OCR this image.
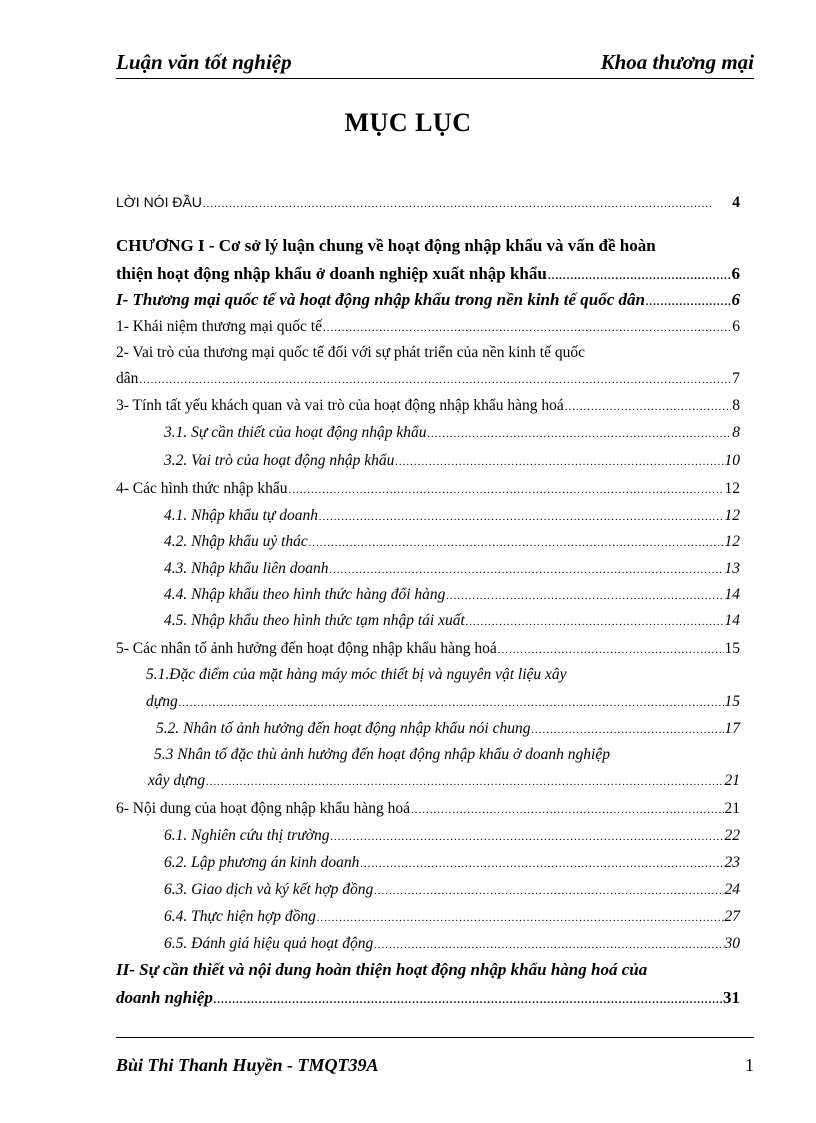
Luận văn tốt nghiệp	Khoa thương mại
MỤC LỤC
LỜI NÓI ĐẦU .....	4
CHƯƠNG I - Cơ sở lý luận chung về hoạt động nhập khẩu và vấn đề hoàn
thiện hoạt động nhập khẩu ở doanh nghiệp xuất nhập khẩu .....	6
I- Thương mại quốc tế và hoạt động nhập khẩu trong nền kinh tế quốc dân .....	6
1- Khái niệm thương mại quốc tế .....	6
2- Vai trò của thương mại quốc tế đối với sự phát triển của nền kinh tế quốc
dân .....	7
3- Tính tất yếu khách quan và vai trò của hoạt động nhập khẩu hàng hoá .....	8
3.1. Sự cần thiết của hoạt động nhập khẩu .....	8
3.2. Vai trò của hoạt động nhập khẩu .....	10
4- Các hình thức nhập khẩu .....	12
4.1. Nhập khẩu tự doanh .....	12
4.2. Nhập khẩu uỷ thác .....	12
4.3. Nhập khẩu liên doanh .....	13
4.4. Nhập khẩu theo hình thức hàng đổi hàng .....	14
4.5. Nhập khẩu theo hình thức tạm nhập tái xuất .....	14
5- Các nhân tố ảnh hưởng đến hoạt động nhập khẩu hàng hoá .....	15
5.1.Đặc điểm của mặt hàng máy móc thiết bị và nguyên vật liệu xây
dựng .....	15
5.2. Nhân tố ảnh hưởng đến hoạt động nhập khẩu nói chung .....	17
5.3 Nhân tố đặc thù ảnh hưởng đến hoạt động nhập khẩu ở doanh nghiệp
xây dựng .....	21
6- Nội dung của hoạt động nhập khẩu hàng hoá .....	21
6.1. Nghiên cứu thị trường .....	22
6.2. Lập phương án kinh doanh .....	23
6.3. Giao dịch và ký kết hợp đồng .....	24
6.4. Thực hiện hợp đồng .....	27
6.5. Đánh giá hiệu quả hoạt động .....	30
II- Sự cần thiết và nội dung hoàn thiện hoạt động nhập khẩu hàng hoá của
doanh nghiệp .....	31
Bùi Thi Thanh Huyền - TMQT39A	1
